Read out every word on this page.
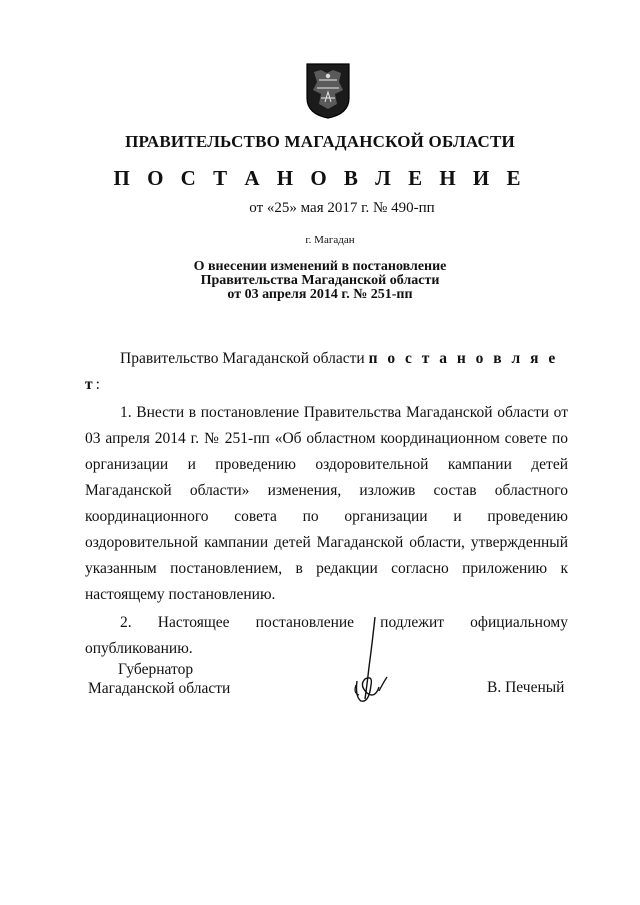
ПРАВИТЕЛЬСТВО МАГАДАНСКОЙ ОБЛАСТИ
П О С Т А Н О В Л Е Н И Е
от «25» мая 2017 г. № 490-пп
г. Магадан
О внесении изменений в постановление
Правительства Магаданской области
от 03 апреля 2014 г. № 251-пп
Правительство Магаданской области п о с т а н о в л я е т:
1. Внести в постановление Правительства Магаданской области от 03 апреля 2014 г. № 251-пп «Об областном координационном совете по организации и проведению оздоровительной кампании детей Магаданской области» изменения, изложив состав областного координационного совета по организации и проведению оздоровительной кампании детей Магаданской области, утвержденный указанным постановлением, в редакции согласно приложению к настоящему постановлению.
2. Настоящее постановление подлежит официальному опубликованию.
Губернатор
Магаданской области	В. Печеный
